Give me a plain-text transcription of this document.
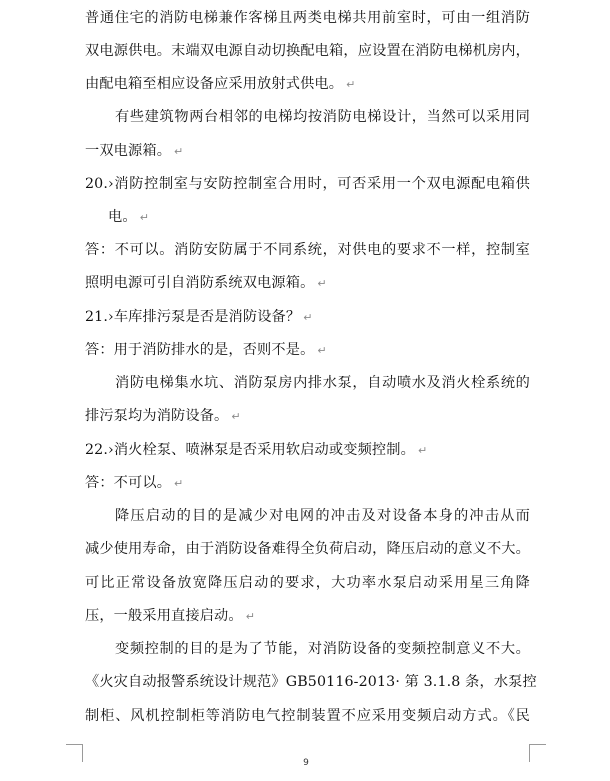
普通住宅的消防电梯兼作客梯且两类电梯共用前室时，可由一组消防
双电源供电。末端双电源自动切换配电箱，应设置在消防电梯机房内，
由配电箱至相应设备应采用放射式供电。 ↵
有些建筑物两台相邻的电梯均按消防电梯设计，当然可以采用同
一双电源箱。 ↵
20.›消防控制室与安防控制室合用时，可否采用一个双电源配电箱供
电。 ↵
答：不可以。消防安防属于不同系统，对供电的要求不一样，控制室
照明电源可引自消防系统双电源箱。 ↵
21.›车库排污泵是否是消防设备？ ↵
答：用于消防排水的是，否则不是。 ↵
消防电梯集水坑、消防泵房内排水泵，自动喷水及消火栓系统的
排污泵均为消防设备。 ↵
22.›消火栓泵、喷淋泵是否采用软启动或变频控制。 ↵
答：不可以。 ↵
降压启动的目的是减少对电网的冲击及对设备本身的冲击从而
减少使用寿命，由于消防设备难得全负荷启动，降压启动的意义不大。
可比正常设备放宽降压启动的要求，大功率水泵启动采用星三角降
压，一般采用直接启动。 ↵
变频控制的目的是为了节能，对消防设备的变频控制意义不大。
《火灾自动报警系统设计规范》GB50116-2013· 第 3.1.8 条，水泵控
制柜、风机控制柜等消防电气控制装置不应采用变频启动方式。《民
9
